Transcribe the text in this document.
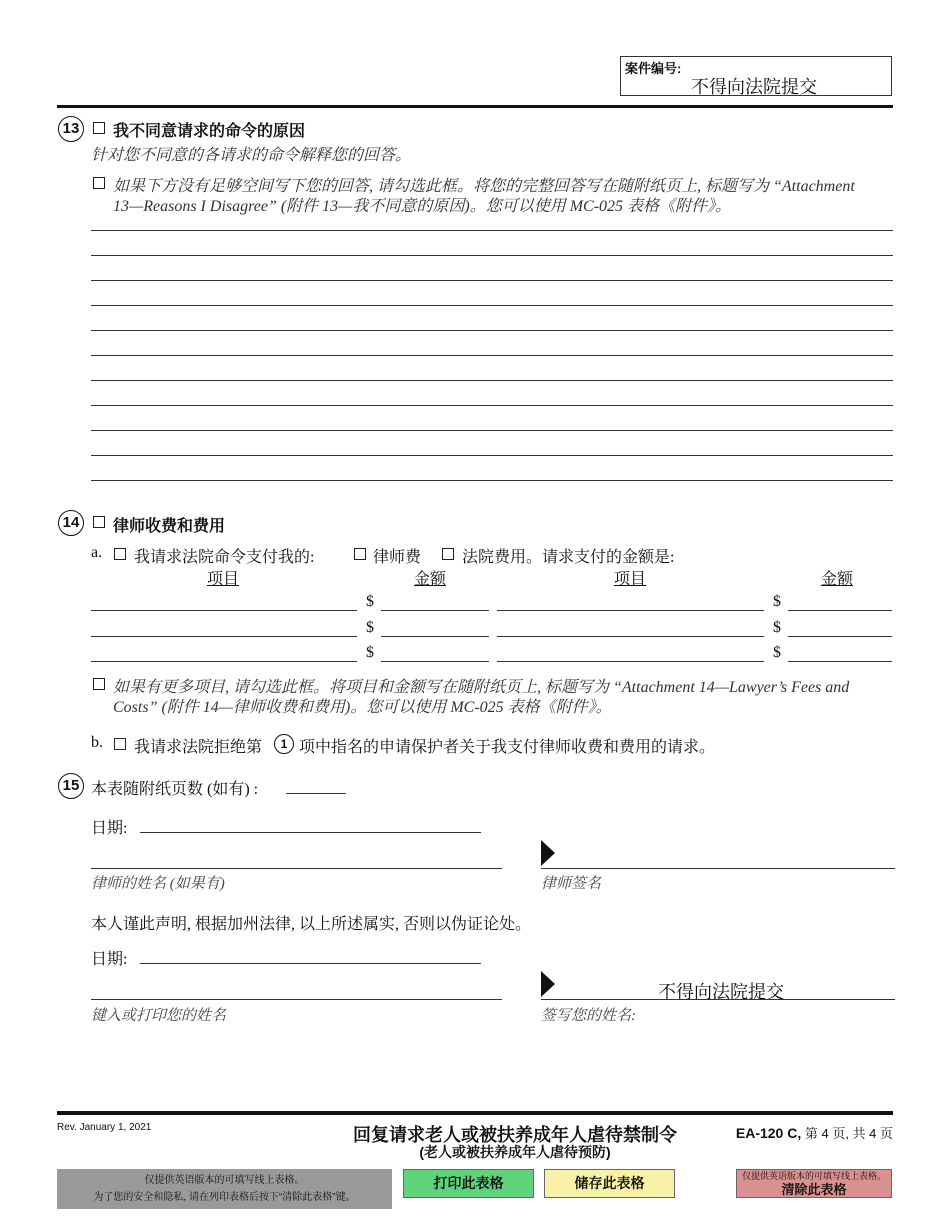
案件编号:
不得向法院提交
13 我不同意请求的命令的原因
针对您不同意的各请求的命令解释您的回答。
如果下方没有足够空间写下您的回答, 请勾选此框。将您的完整回答写在随附纸页上, 标题写为 “Attachment
13—Reasons I Disagree” (附件 13—我不同意的原因)。您可以使用 MC-025 表格《附件》。
14 律师收费和费用
a. 我请求法院命令支付我的:	律师费	法院费用。请求支付的金额是:
项目	金额	项目	金额
$	$
$	$
$	$
如果有更多项目, 请勾选此框。将项目和金额写在随附纸页上, 标题写为 “Attachment 14—Lawyer’s Fees and
Costs” (附件 14—律师收费和费用)。您可以使用 MC-025 表格《附件》。
b. 我请求法院拒绝第	1 项中指名的申请保护者关于我支付律师收费和费用的请求。
15 本表随附纸页数 (如有) :
日期:
律师的姓名 (如果有)	律师签名
本人谨此声明, 根据加州法律, 以上所述属实, 否则以伪证论处。
日期:
不得向法院提交
键入或打印您的姓名	签写您的姓名:
Rev. January 1, 2021	回复请求老人或被扶养成年人虐待禁制令
(老人或被扶养成年人虐待预防)
EA-120 C, 第 4 页, 共 4 页
仅提供英语版本的可填写线上表格。
为了您的安全和隐私, 请在列印表格后按下“清除此表格”键。
打印此表格	储存此表格	仅提供英语版本的可填写线上表格。
清除此表格
